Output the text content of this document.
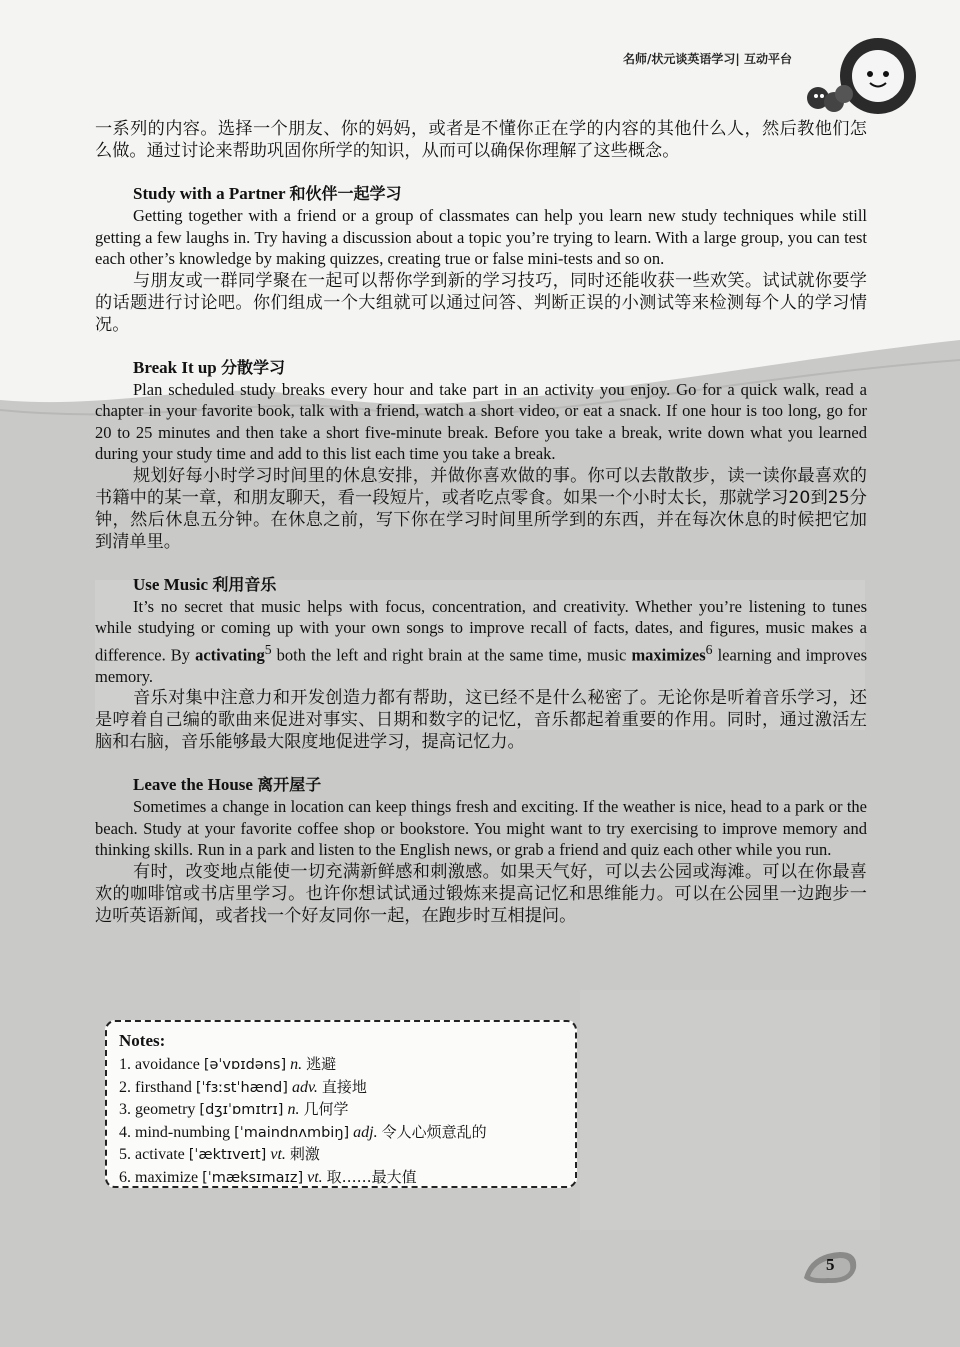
名师/状元谈英语学习| 互动平台

一系列的内容。选择一个朋友、你的妈妈，或者是不懂你正在学的内容的其他什么人，然后教他们怎么做。通过讨论来帮助巩固你所学的知识，从而可以确保你理解了这些概念。

Study with a Partner 和伙伴一起学习

Getting together with a friend or a group of classmates can help you learn new study techniques while still getting a few laughs in. Try having a discussion about a topic you’re trying to learn. With a large group, you can test each other’s knowledge by making quizzes, creating true or false mini-tests and so on.

与朋友或一群同学聚在一起可以帮你学到新的学习技巧，同时还能收获一些欢笑。试试就你要学的话题进行讨论吧。你们组成一个大组就可以通过问答、判断正误的小测试等来检测每个人的学习情况。

Break It up 分散学习

Plan scheduled study breaks every hour and take part in an activity you enjoy. Go for a quick walk, read a chapter in your favorite book, talk with a friend, watch a short video, or eat a snack. If one hour is too long, go for 20 to 25 minutes and then take a short five-minute break. Before you take a break, write down what you learned during your study time and add to this list each time you take a break.

规划好每小时学习时间里的休息安排，并做你喜欢做的事。你可以去散散步，读一读你最喜欢的书籍中的某一章，和朋友聊天，看一段短片，或者吃点零食。如果一个小时太长，那就学习20到25分钟，然后休息五分钟。在休息之前，写下你在学习时间里所学到的东西，并在每次休息的时候把它加到清单里。

Use Music 利用音乐

It’s no secret that music helps with focus, concentration, and creativity. Whether you’re listening to tunes while studying or coming up with your own songs to improve recall of facts, dates, and figures, music makes a difference. By activating$^5$ both the left and right brain at the same time, music maximizes$^6$ learning and improves memory.

音乐对集中注意力和开发创造力都有帮助，这已经不是什么秘密了。无论你是听着音乐学习，还是哼着自己编的歌曲来促进对事实、日期和数字的记忆，音乐都起着重要的作用。同时，通过激活左脑和右脑，音乐能够最大限度地促进学习，提高记忆力。

Leave the House 离开屋子

Sometimes a change in location can keep things fresh and exciting. If the weather is nice, head to a park or the beach. Study at your favorite coffee shop or bookstore. You might want to try exercising to improve memory and thinking skills. Run in a park and listen to the English news, or grab a friend and quiz each other while you run.

有时，改变地点能使一切充满新鲜感和刺激感。如果天气好，可以去公园或海滩。可以在你最喜欢的咖啡馆或书店里学习。也许你想试试通过锻炼来提高记忆和思维能力。可以在公园里一边跑步一边听英语新闻，或者找一个好友同你一起，在跑步时互相提问。

Notes:

1. avoidance [əˈvɒɪdəns] n. 逃避

2. firsthand [ˈfɜːstˈhænd] adv. 直接地

3. geometry [dʒɪˈɒmɪtrɪ] n. 几何学

4. mind-numbing [ˈmaindnʌmbiŋ] adj. 令人心烦意乱的

5. activate [ˈæktɪveɪt] vt. 刺激

6. maximize [ˈmæksɪmaɪz] vt. 取……最大值

5
